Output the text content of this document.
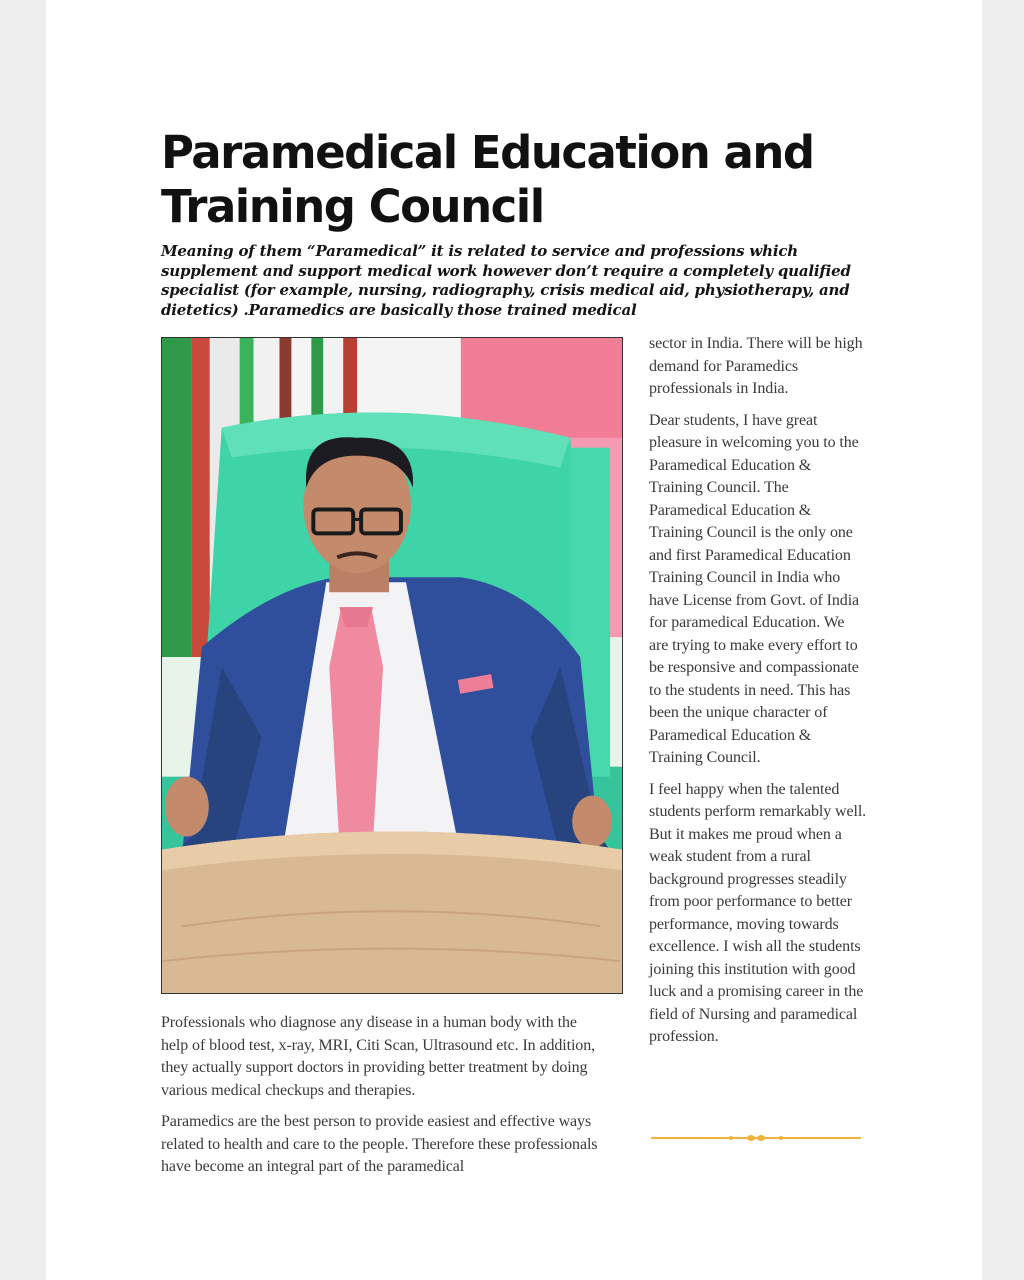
Paramedical Education and Training Council

Meaning of them “Paramedical” it is related to service and professions which supplement and support medical work however don’t require a completely qualified specialist (for example, nursing, radiography, crisis medical aid, physiotherapy, and dietetics) .Paramedics are basically those trained medical

Professionals who diagnose any disease in a human body with the help of blood test, x-ray, MRI, Citi Scan, Ultrasound etc. In addition, they actually support doctors in providing better treatment by doing various medical checkups and therapies.

Paramedics are the best person to provide easiest and effective ways related to health and care to the people. Therefore these professionals have become an integral part of the paramedical

sector in India. There will be high demand for Paramedics professionals in India.

Dear students, I have great pleasure in welcoming you to the Paramedical Education & Training Council. The Paramedical Education & Training Council is the only one and first Paramedical Education Training Council in India who have License from Govt. of India for paramedical Education. We are trying to make every effort to be responsive and compassionate to the students in need. This has been the unique character of Paramedical Education & Training Council.

I feel happy when the talented students perform remarkably well. But it makes me proud when a weak student from a rural background progresses steadily from poor performance to better performance, moving towards excellence. I wish all the students joining this institution with good luck and a promising career in the field of Nursing and paramedical profession.
